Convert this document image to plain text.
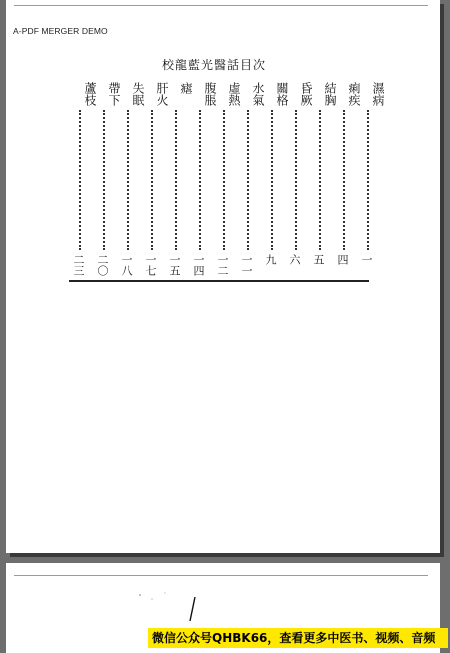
A-PDF MERGER DEMO
校龍藍光醫話目次
濕病
一
痢疾
四
結胸
五
昏厥
六
關格
九
水氣
一一
虛熱
一二
腹脹
一四
瘧
一五
肝火
一七
失眠
一八
帶下
二〇
蘆枝
二三
微信公众号QHBK66，查看更多中医书、视频、音频
